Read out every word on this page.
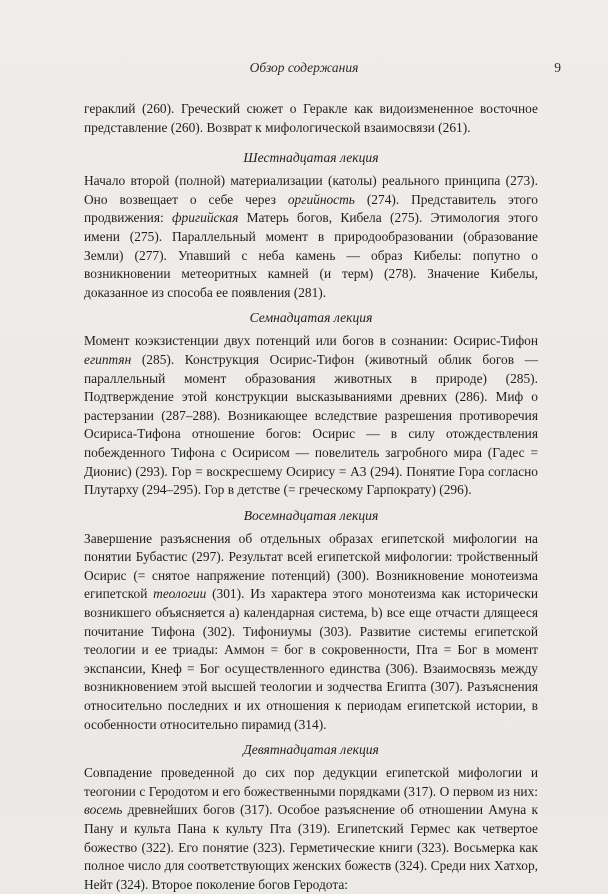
Обзор содержания	9

гераклий (260). Греческий сюжет о Геракле как видоизмененное восточное представление (260). Возврат к мифологической взаимосвязи (261).

Шестнадцатая лекция

Начало второй (полной) материализации (католы) реального принципа (273). Оно возвещает о себе через оргийность (274). Представитель этого продвижения: фригийская Матерь богов, Кибела (275). Этимология этого имени (275). Параллельный момент в природообразовании (образование Земли) (277). Упавший с неба камень — образ Кибелы: попутно о возникновении метеоритных камней (и терм) (278). Значение Кибелы, доказанное из способа ее появления (281).

Семнадцатая лекция

Момент коэкзистенции двух потенций или богов в сознании: Осирис-Тифон египтян (285). Конструкция Осирис-Тифон (животный облик богов — параллельный момент образования животных в природе) (285). Подтверждение этой конструкции высказываниями древних (286). Миф о растерзании (287–288). Возникающее вследствие разрешения противоречия Осириса-Тифона отношение богов: Осирис — в силу отождествления побежденного Тифона с Осирисом — повелитель загробного мира (Гадес = Дионис) (293). Гор = воскресшему Осирису = A3 (294). Понятие Гора согласно Плутарху (294–295). Гор в детстве (= греческому Гарпократу) (296).

Восемнадцатая лекция

Завершение разъяснения об отдельных образах египетской мифологии на понятии Бубастис (297). Результат всей египетской мифологии: тройственный Осирис (= снятое напряжение потенций) (300). Возникновение монотеизма египетской теологии (301). Из характера этого монотеизма как исторически возникшего объясняется a) календарная система, b) все еще отчасти длящееся почитание Тифона (302). Тифониумы (303). Развитие системы египетской теологии и ее триады: Аммон = бог в сокровенности, Пта = Бог в момент экспансии, Кнеф = Бог осуществленного единства (306). Взаимосвязь между возникновением этой высшей теологии и зодчества Египта (307). Разъяснения относительно последних и их отношения к периодам египетской истории, в особенности относительно пирамид (314).

Девятнадцатая лекция

Совпадение проведенной до сих пор дедукции египетской мифологии и теогонии с Геродотом и его божественными порядками (317). О первом из них: восемь древнейших богов (317). Особое разъяснение об отношении Амуна к Пану и культа Пана к культу Пта (319). Египетский Гермес как четвертое божество (322). Его понятие (323). Герметические книги (323). Восьмерка как полное число для соответствующих женских божеств (324). Среди них Хатхор, Нейт (324). Второе поколение богов Геродота:
